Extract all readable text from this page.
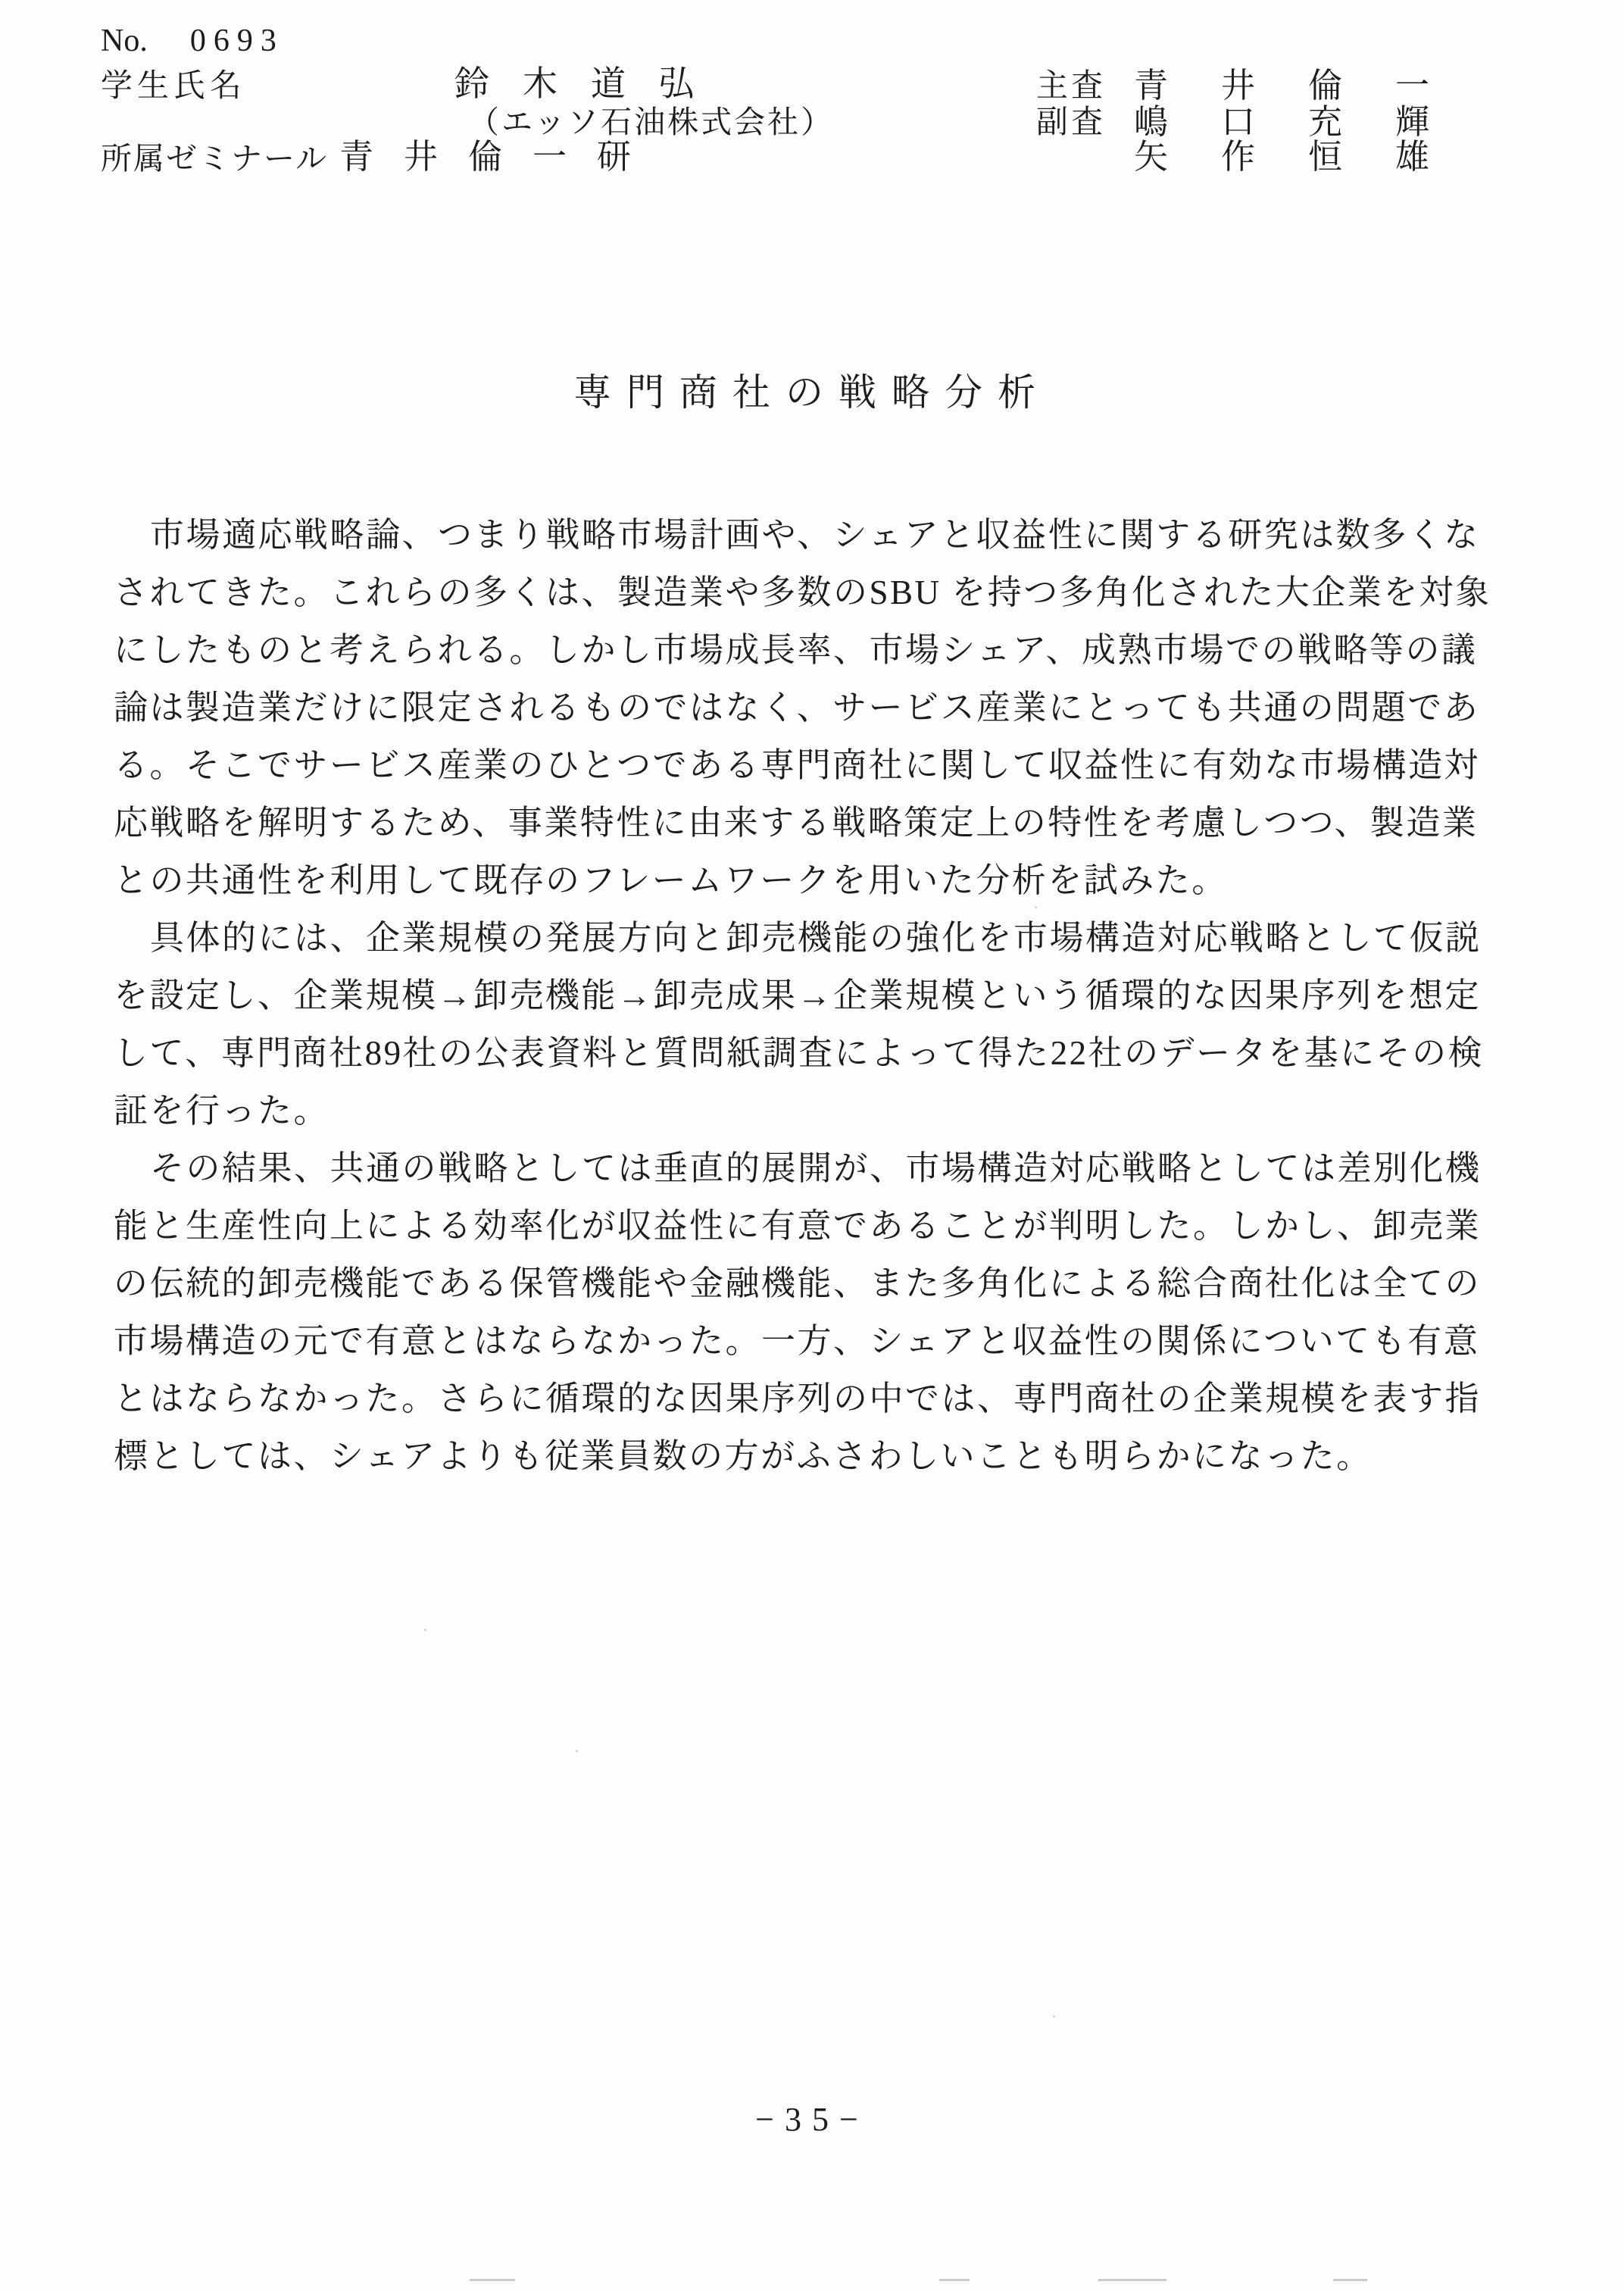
No. 0693
学生氏名	鈴木道弘
（エッソ石油株式会社）
所属ゼミナール 青井倫一研
主査 青井倫一
副査 嶋口充輝
矢作恒雄
専門商社の戦略分析
市場適応戦略論、つまり戦略市場計画や、シェアと収益性に関する研究は数多くな
されてきた。これらの多くは、製造業や多数のSBU を持つ多角化された大企業を対象
にしたものと考えられる。しかし市場成長率、市場シェア、成熟市場での戦略等の議
論は製造業だけに限定されるものではなく、サービス産業にとっても共通の問題であ
る。そこでサービス産業のひとつである専門商社に関して収益性に有効な市場構造対
応戦略を解明するため、事業特性に由来する戦略策定上の特性を考慮しつつ、製造業
との共通性を利用して既存のフレームワークを用いた分析を試みた。
具体的には、企業規模の発展方向と卸売機能の強化を市場構造対応戦略として仮説
を設定し、企業規模→卸売機能→卸売成果→企業規模という循環的な因果序列を想定
して、専門商社89社の公表資料と質問紙調査によって得た22社のデータを基にその検
証を行った。
その結果、共通の戦略としては垂直的展開が、市場構造対応戦略としては差別化機
能と生産性向上による効率化が収益性に有意であることが判明した。しかし、卸売業
の伝統的卸売機能である保管機能や金融機能、また多角化による総合商社化は全ての
市場構造の元で有意とはならなかった。一方、シェアと収益性の関係についても有意
とはならなかった。さらに循環的な因果序列の中では、専門商社の企業規模を表す指
標としては、シェアよりも従業員数の方がふさわしいことも明らかになった。
−35−
